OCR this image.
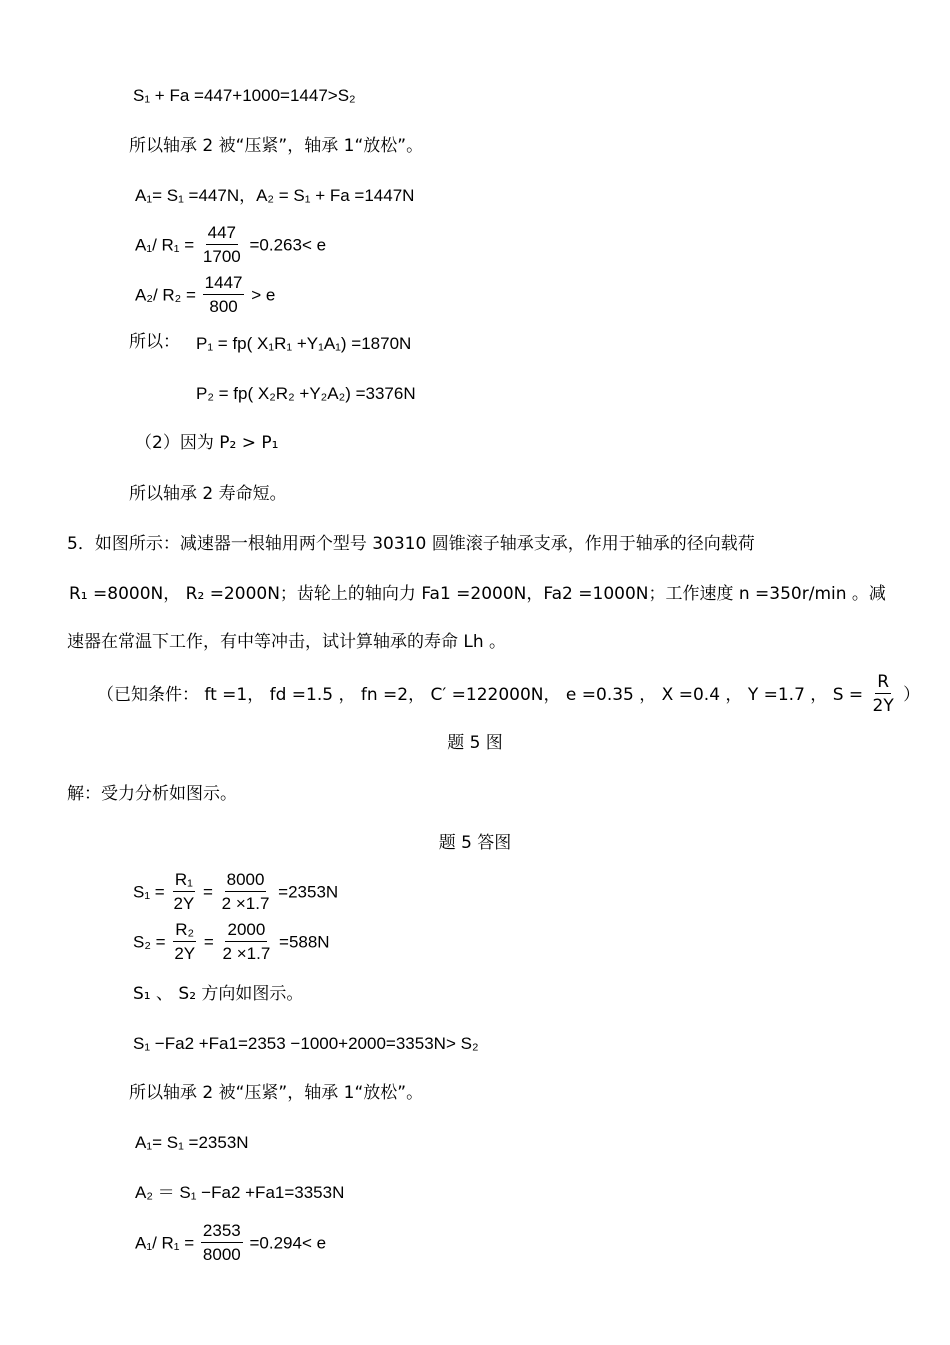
S₁ + Fa =447+1000=1447>S₂
所以轴承 2 被“压紧”，轴承 1“放松”。
A₁= S₁ =447N，A₂ = S₁ + Fa =1447N
A₁/ $R_1 = \frac{447}{1700} =0.263< e$
A₂/ $R_2 = \frac{1447}{800} > e$
所以： P₁ = fp( X₁R₁ +Y₁A₁) =1870N
P₂ = fp( X₂R₂ +Y₂A₂) =3376N
（2）因为 P₂ > P₁
所以轴承 2 寿命短。
5．如图所示：减速器一根轴用两个型号 30310 圆锥滚子轴承支承，作用于轴承的径向载荷
R₁ =8000N， R₂ =2000N；齿轮上的轴向力 Fa1 =2000N，Fa2 =1000N；工作速度 n =350r/min 。减
速器在常温下工作，有中等冲击，试计算轴承的寿命 Lh 。
（已知条件： ft =1， fd =1.5 ， fn =2， C′ =122000N， e =0.35 ， X =0.4 ， Y =1.7 ， $S = \frac{R}{2Y}$ ）
题 5 图
解：受力分析如图示。
题 5 答图
$S_1 = \frac{\text{R₁}}{2Y} = \frac{8000}{2 \times 1.7} =2353N$
$S_2 = \frac{\text{R₂}}{2Y} = \frac{2000}{2 \times 1.7} =588N$
S₁ 、 S₂ 方向如图示。
S₁ −Fa2 +Fa1=2353 −1000+2000=3353N> S₂
所以轴承 2 被“压紧”，轴承 1“放松”。
A₁= S₁ =2353N
A₂ ＝ S₁ −Fa2 +Fa1=3353N
A₁/ $R_1 = \frac{2353}{8000} =0.294< e$
